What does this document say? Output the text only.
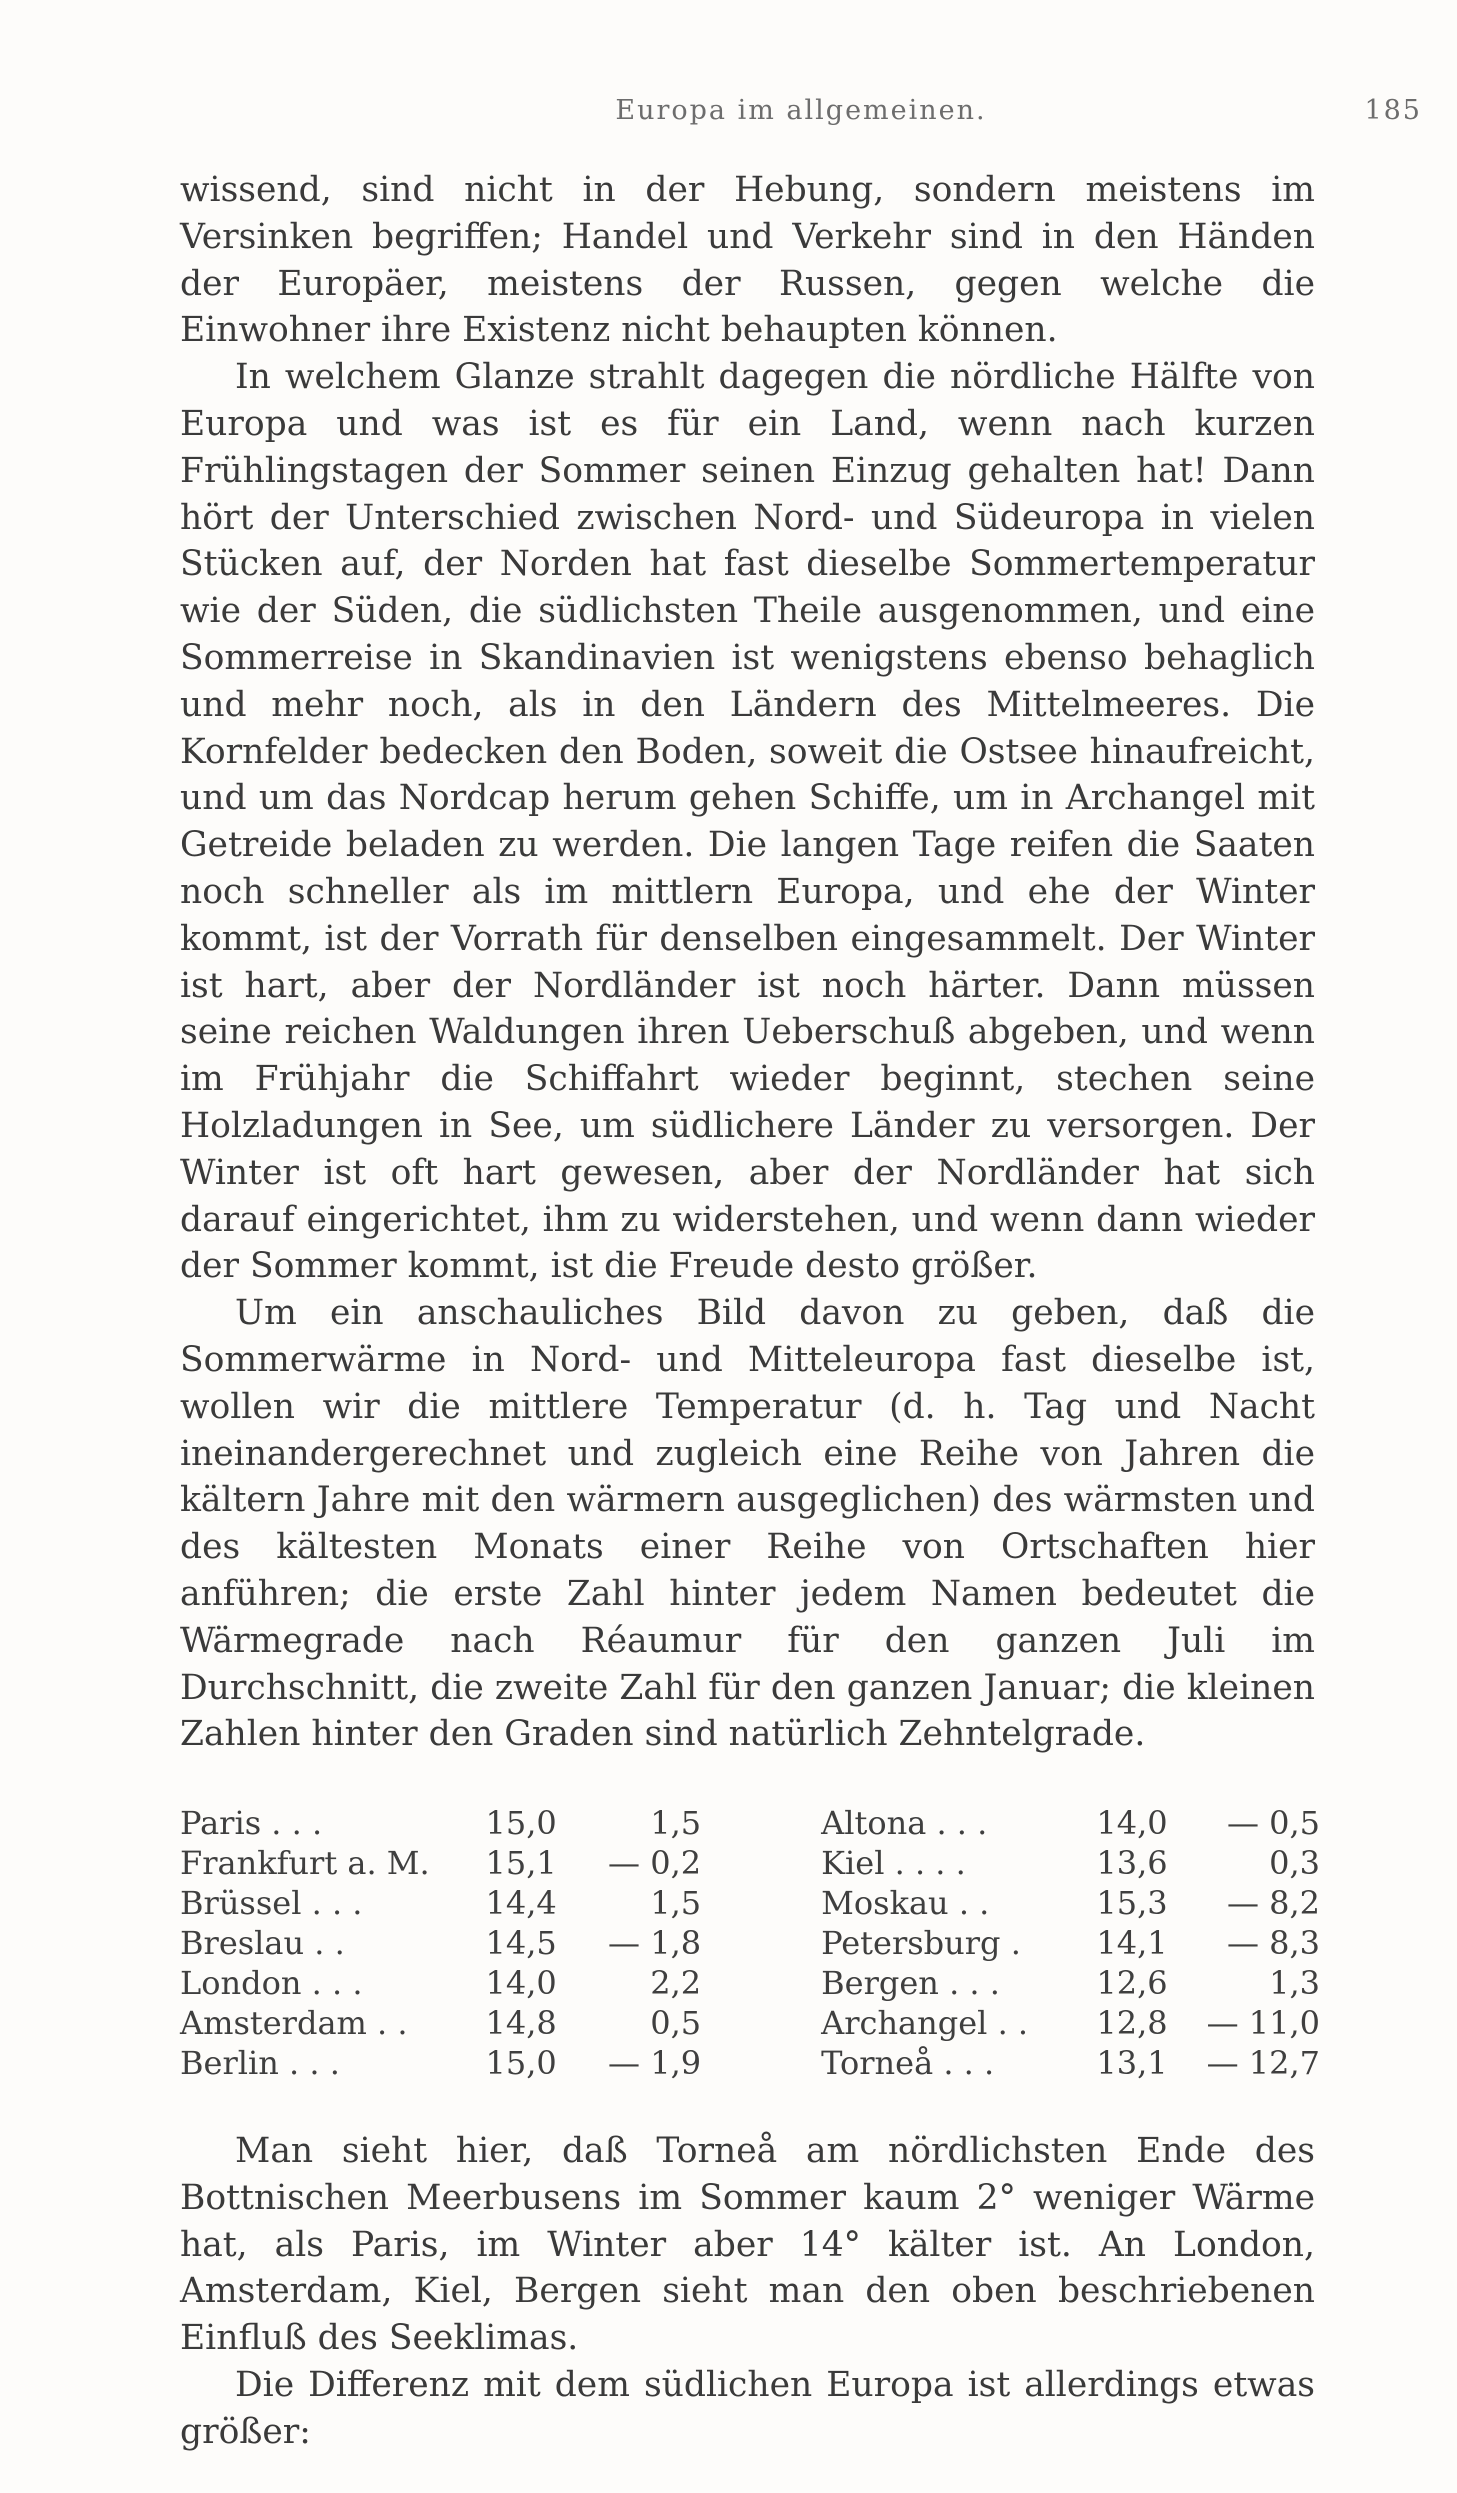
Europa im allgemeinen.	185

wissend, sind nicht in der Hebung, sondern meistens im Versinken begriffen; Handel und Verkehr sind in den Händen der Europäer, meistens der Russen, gegen welche die Einwohner ihre Existenz nicht behaupten können.

In welchem Glanze strahlt dagegen die nördliche Hälfte von Europa und was ist es für ein Land, wenn nach kurzen Frühlingstagen der Sommer seinen Einzug gehalten hat! Dann hört der Unterschied zwischen Nord- und Südeuropa in vielen Stücken auf, der Norden hat fast dieselbe Sommertemperatur wie der Süden, die südlichsten Theile ausgenommen, und eine Sommerreise in Skandinavien ist wenigstens ebenso behaglich und mehr noch, als in den Ländern des Mittelmeeres. Die Kornfelder bedecken den Boden, soweit die Ostsee hinaufreicht, und um das Nordcap herum gehen Schiffe, um in Archangel mit Getreide beladen zu werden. Die langen Tage reifen die Saaten noch schneller als im mittlern Europa, und ehe der Winter kommt, ist der Vorrath für denselben eingesammelt. Der Winter ist hart, aber der Nordländer ist noch härter. Dann müssen seine reichen Waldungen ihren Ueberschuß abgeben, und wenn im Frühjahr die Schiffahrt wieder beginnt, stechen seine Holzladungen in See, um südlichere Länder zu versorgen. Der Winter ist oft hart gewesen, aber der Nordländer hat sich darauf eingerichtet, ihm zu widerstehen, und wenn dann wieder der Sommer kommt, ist die Freude desto größer.

Um ein anschauliches Bild davon zu geben, daß die Sommerwärme in Nord- und Mitteleuropa fast dieselbe ist, wollen wir die mittlere Temperatur (d. h. Tag und Nacht ineinandergerechnet und zugleich eine Reihe von Jahren die kältern Jahre mit den wärmern ausgeglichen) des wärmsten und des kältesten Monats einer Reihe von Ortschaften hier anführen; die erste Zahl hinter jedem Namen bedeutet die Wärmegrade nach Réaumur für den ganzen Juli im Durchschnitt, die zweite Zahl für den ganzen Januar; die kleinen Zahlen hinter den Graden sind natürlich Zehntelgrade.

Paris . . .	15,0	1,5	Altona . . .	14,0	— 0,5
Frankfurt a. M.	15,1	— 0,2	Kiel . . . .	13,6	0,3
Brüssel . . .	14,4	1,5	Moskau . .	15,3	— 8,2
Breslau . .	14,5	— 1,8	Petersburg .	14,1	— 8,3
London . . .	14,0	2,2	Bergen . . .	12,6	1,3
Amsterdam . .	14,8	0,5	Archangel . .	12,8	— 11,0
Berlin . . .	15,0	— 1,9	Torneå . . .	13,1	— 12,7

Man sieht hier, daß Torneå am nördlichsten Ende des Bottnischen Meerbusens im Sommer kaum 2° weniger Wärme hat, als Paris, im Winter aber 14° kälter ist. An London, Amsterdam, Kiel, Bergen sieht man den oben beschriebenen Einfluß des Seeklimas.

Die Differenz mit dem südlichen Europa ist allerdings etwas größer:
